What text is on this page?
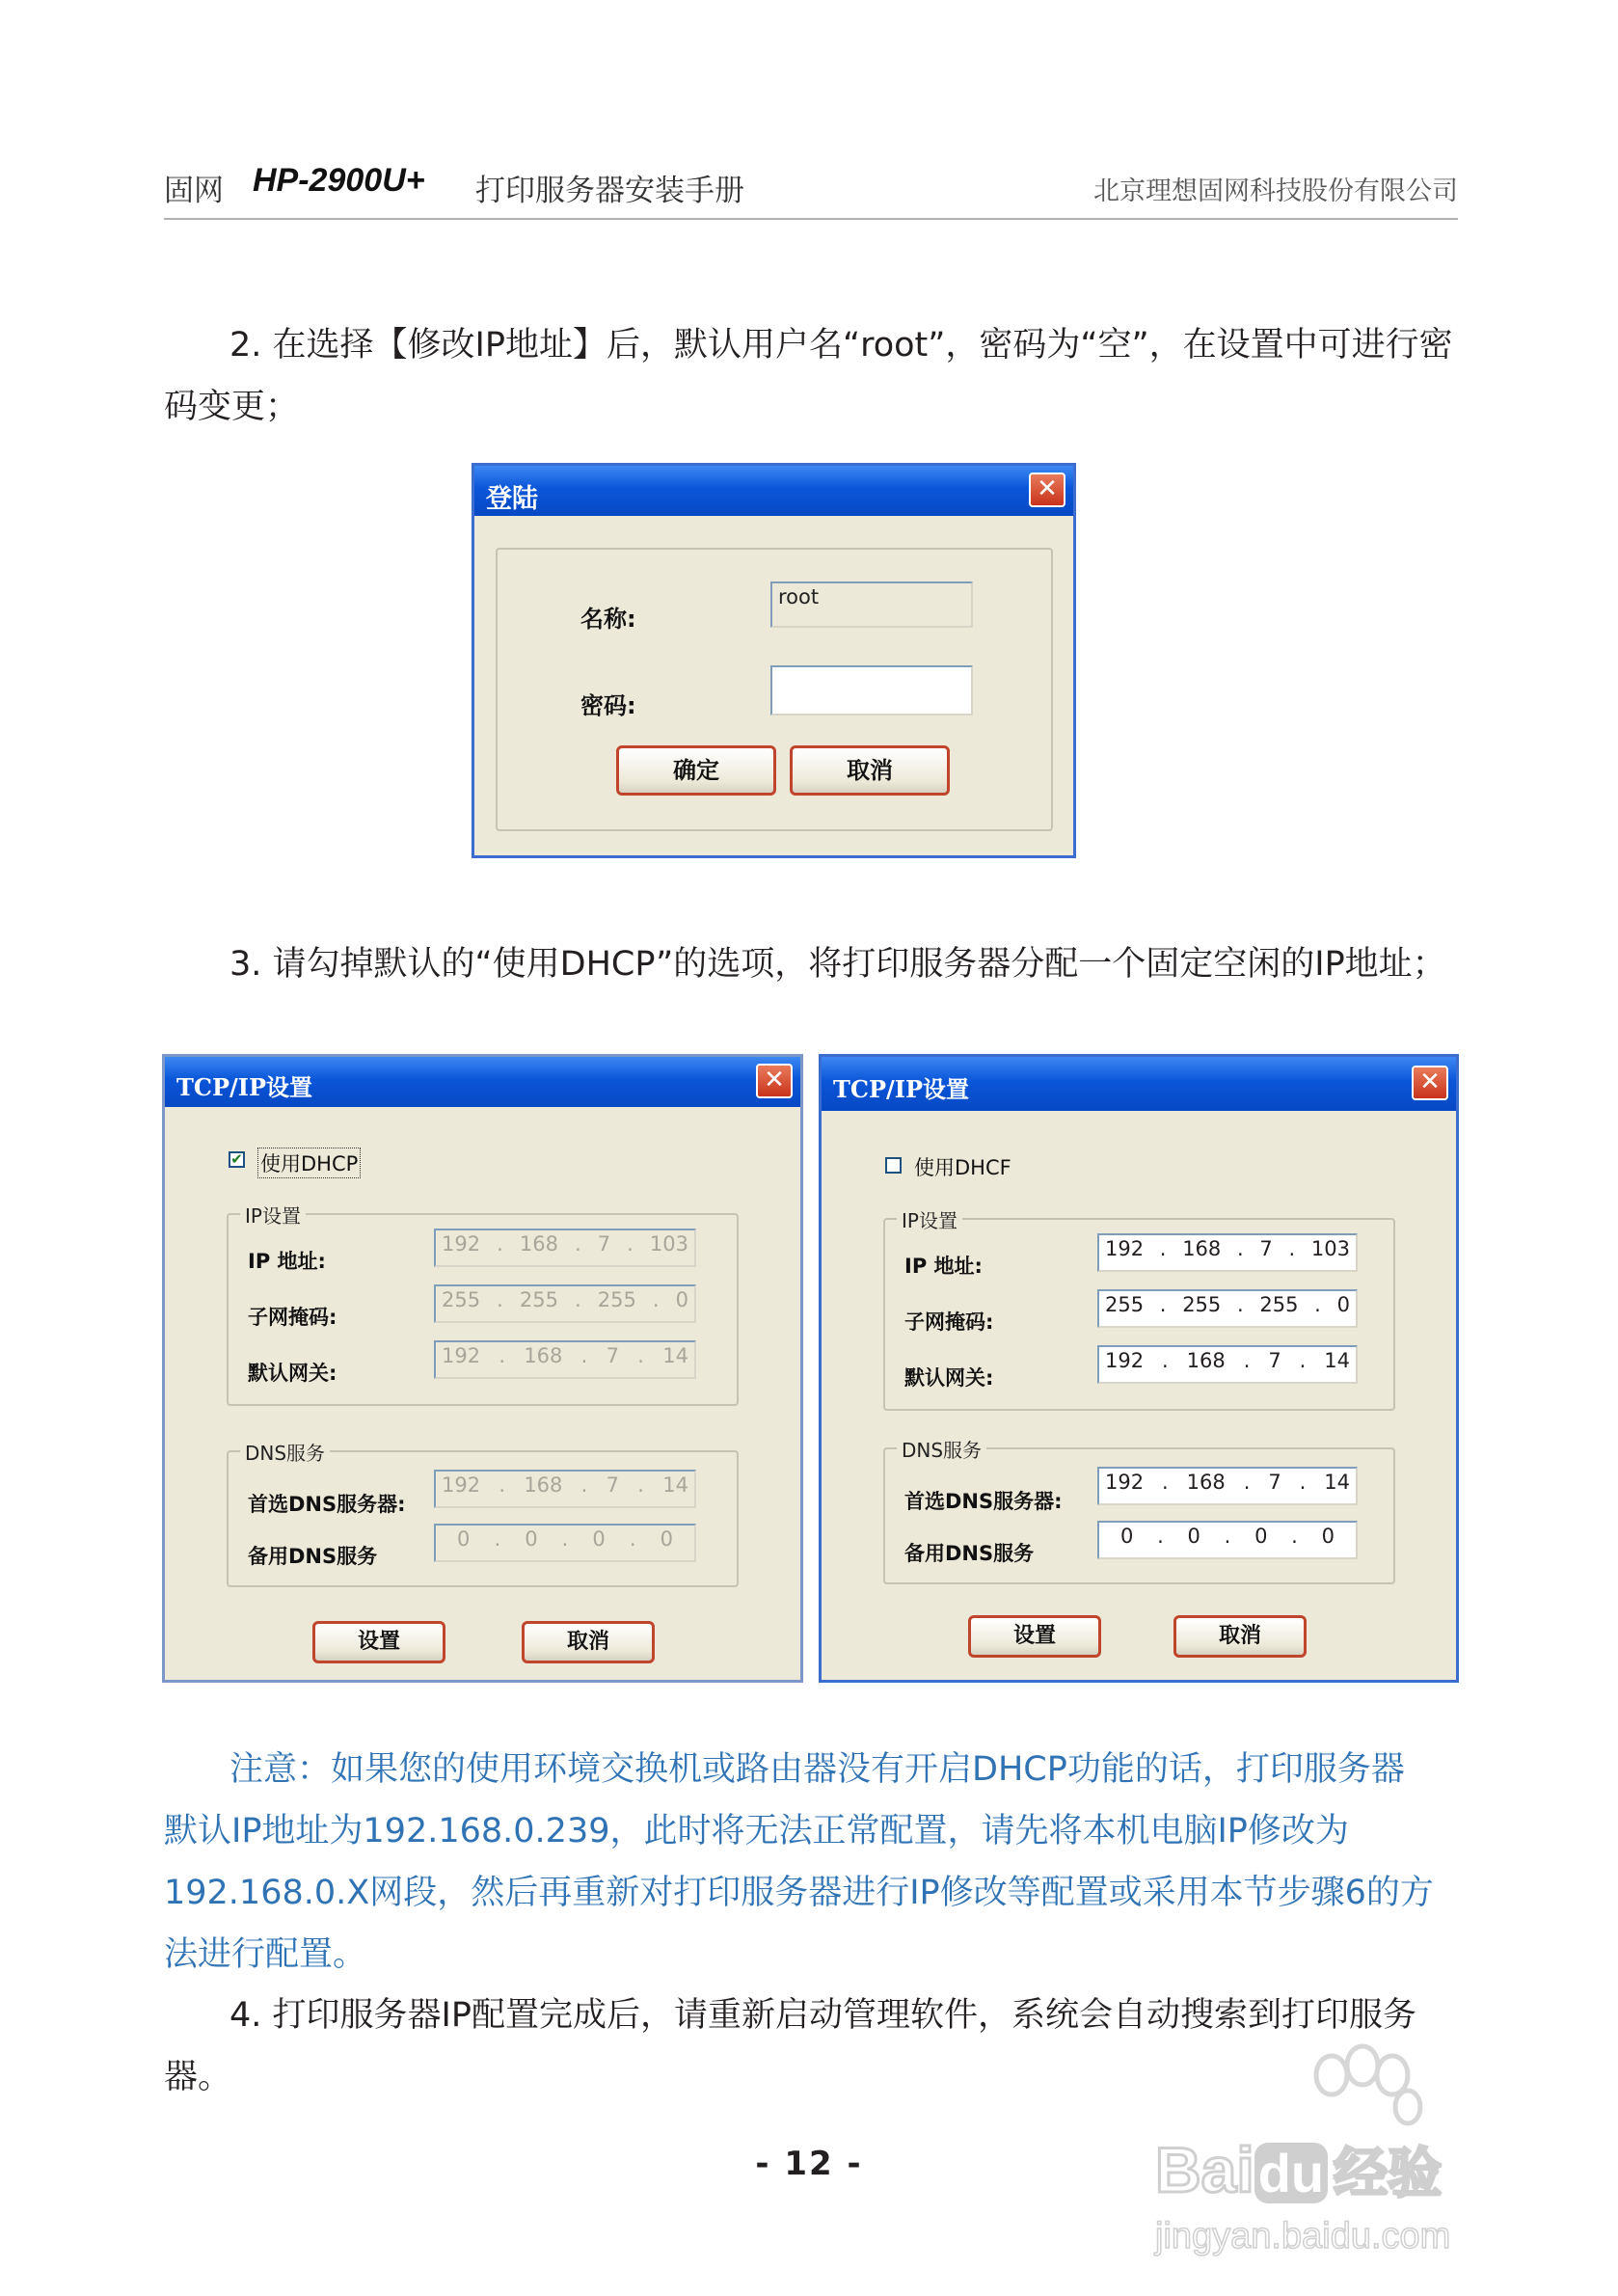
固网 HP-2900U+ 打印服务器安装手册	北京理想固网科技股份有限公司
2. 在选择【修改IP地址】后，默认用户名“root”，密码为“空”，在设置中可进行密
码变更；
登陆	✕
名称:
root
密码:
确定	取消
3. 请勾掉默认的“使用DHCP”的选项，将打印服务器分配一个固定空闲的IP地址；
TCP/IP设置	✕
✔ 使用DHCP
IP设置
IP 地址:
192 . 168 . 7 . 103
子网掩码:
255 . 255 . 255 . 0
默认网关:
192 . 168 . 7 . 14
DNS服务
首选DNS服务器:
192 . 168 . 7 . 14
备用DNS服务
0 . 0 . 0 . 0
设置	取消
TCP/IP设置	✕
使用DHCF
IP设置
IP 地址:
192 . 168 . 7 . 103
子网掩码:
255 . 255 . 255 . 0
默认网关:
192 . 168 . 7 . 14
DNS服务
首选DNS服务器:
192 . 168 . 7 . 14
备用DNS服务
0 . 0 . 0 . 0
设置	取消
注意：如果您的使用环境交换机或路由器没有开启DHCP功能的话，打印服务器
默认IP地址为192.168.0.239，此时将无法正常配置，请先将本机电脑IP修改为
192.168.0.X网段，然后再重新对打印服务器进行IP修改等配置或采用本节步骤6的方
法进行配置。
4. 打印服务器IP配置完成后，请重新启动管理软件，系统会自动搜索到打印服务
器。
- 12 -	Baidu 经验
jingyan.baidu.com
